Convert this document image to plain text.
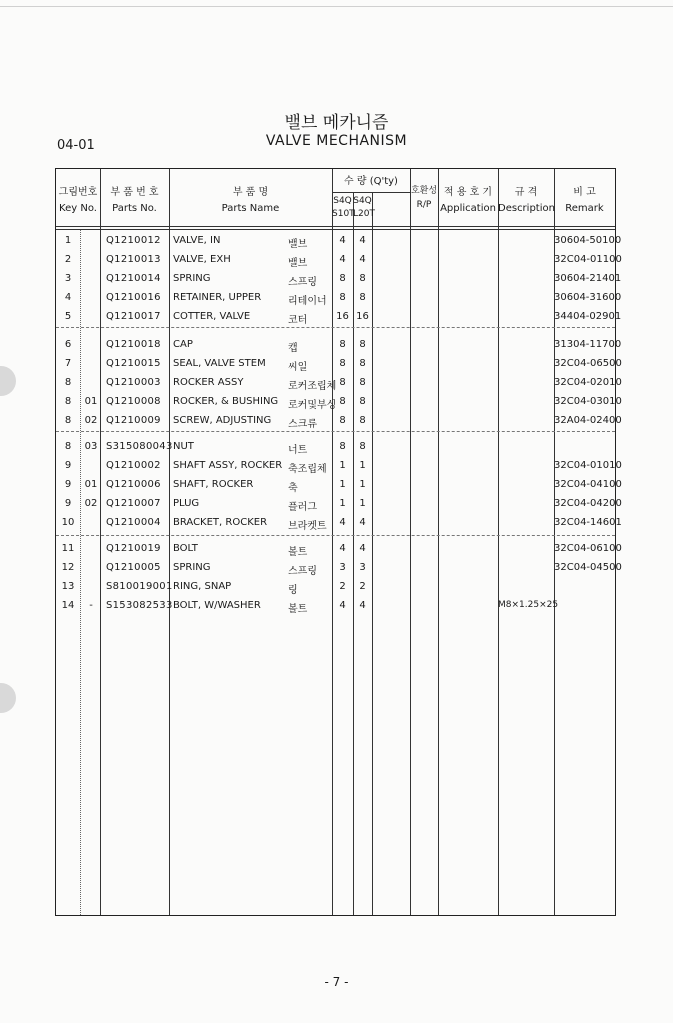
밸브 메카니즘
VALVE MECHANISM
04-01
그림번호
Key No.
부 품 번 호
Parts No.
부 품 명
Parts Name
수 량 (Q'ty)
S4Q
S10T
S4Q
L20T
호환성
R/P
적 용 호 기
Application
규 격
Description
비 고
Remark
1	Q1210012 VALVE, IN	밸브	4	4	30604-50100
2	Q1210013 VALVE, EXH	밸브	4	4	32C04-01100
3	Q1210014 SPRING	스프링	8	8	30604-21401
4	Q1210016 RETAINER, UPPER	리테이너	8	8	30604-31600
5	Q1210017 COTTER, VALVE	코터	16 16	34404-02901
6	Q1210018 CAP	캡	8	8	31304-11700
7	Q1210015 SEAL, VALVE STEM 씨일	8	8	32C04-06500
8	Q1210003 ROCKER ASSY	로커조립체 8	8	32C04-02010
8	01 Q1210008 ROCKER, & BUSHING 로커및부싱 8	8	32C04-03010
8	02 Q1210009 SCREW, ADJUSTING 스크류	8	8	32A04-02400
8	03 S315080043 NUT	너트	8	8
9	Q1210002 SHAFT ASSY, ROCKER 축조립체	1	1	32C04-01010
9	01 Q1210006 SHAFT, ROCKER	축	1	1	32C04-04100
9	02 Q1210007 PLUG	플러그	1	1	32C04-04200
10	Q1210004 BRACKET, ROCKER 브라켓트	4	4	32C04-14601
11	Q1210019 BOLT	볼트	4	4	32C04-06100
12	Q1210005 SPRING	스프링	3	3	32C04-04500
13	S810019001 RING, SNAP	링	2	2
14	-	S153082533 BOLT, W/WASHER	볼트	4	4	M8×1.25×25
- 7 -
